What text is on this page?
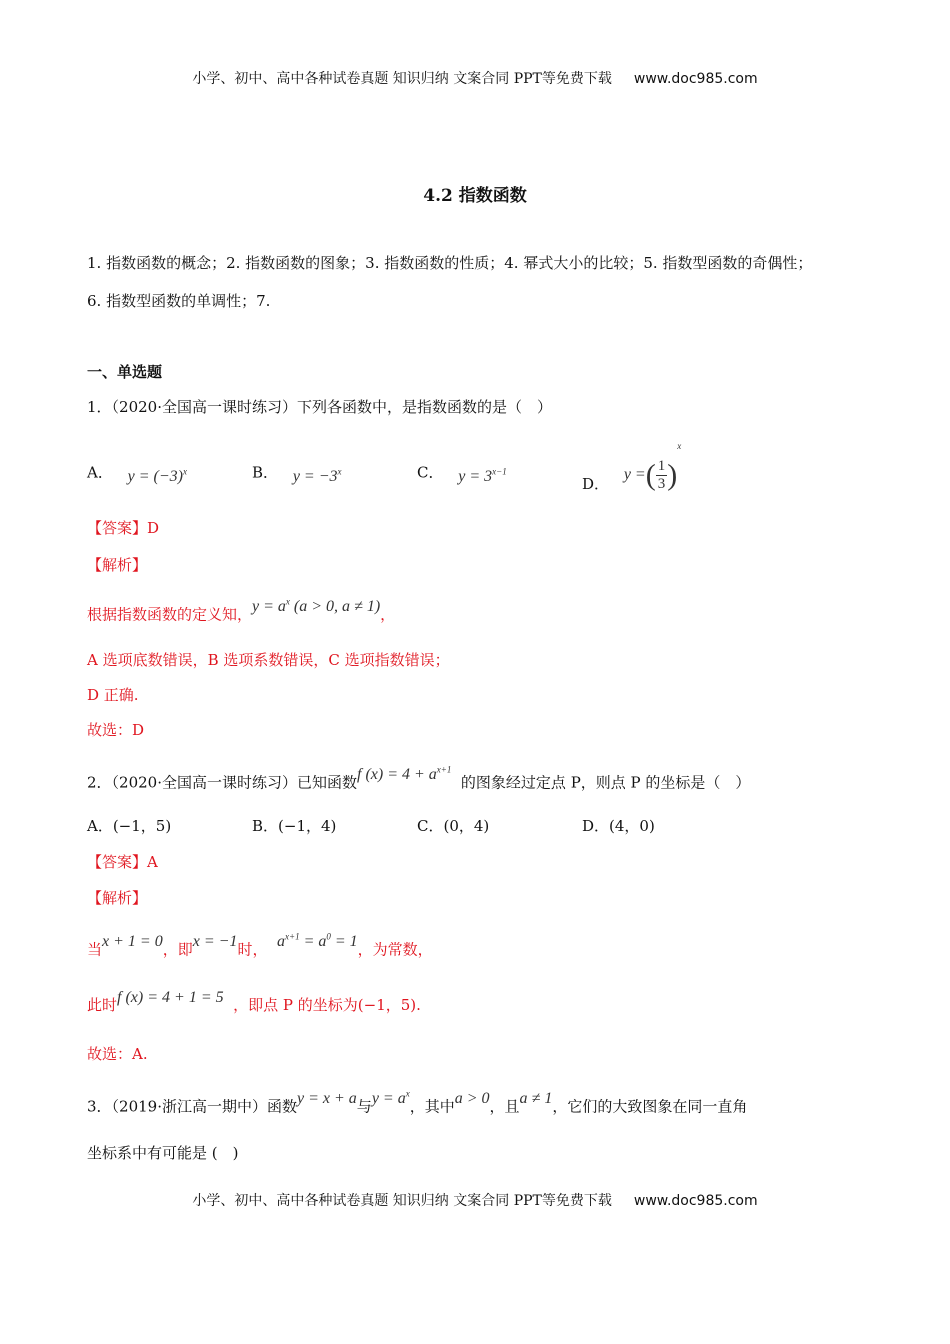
小学、初中、高中各种试卷真题 知识归纳 文案合同 PPT等免费下载 www.doc985.com
4.2 指数函数
1. 指数函数的概念；2. 指数函数的图象；3. 指数函数的性质；4. 幂式大小的比较；5. 指数型函数的奇偶性；
6. 指数型函数的单调性；7.
一、单选题
1．（2020·全国高一课时练习）下列各函数中，是指数函数的是（　）
A． $y = (-3)^x$	B． $y = -3^x$	C． $y = 3^{x-1}$
D． y =( $\frac{1}{3} )^x$
【答案】D
【解析】
根据指数函数的定义知，$y = a^x$ (a > 0, a ≠ 1)，
A 选项底数错误，B 选项系数错误，C 选项指数错误；
D 正确.
故选：D
2．（2020·全国高一课时练习）已知函数f $(x) = 4 + a^{x+1}$  的图象经过定点 P，则点 P 的坐标是（　）
A．(−1，5)	B．(−1，4)	C．(0，4)	D．(4，0)
【答案】A
【解析】
当x + 1 = 0，即x = −1时， $a^{x+1} = a^0 = 1$，为常数，
此时f (x) = 4 + 1 = 5 ，即点 P 的坐标为(−1，5).
故选：A.
3．（2019·浙江高一期中）函数y = x + a与$y = a^x$，其中a > 0，且a ≠ 1，它们的大致图象在同一直角
坐标系中有可能是 (　)
小学、初中、高中各种试卷真题 知识归纳 文案合同 PPT等免费下载 www.doc985.com
